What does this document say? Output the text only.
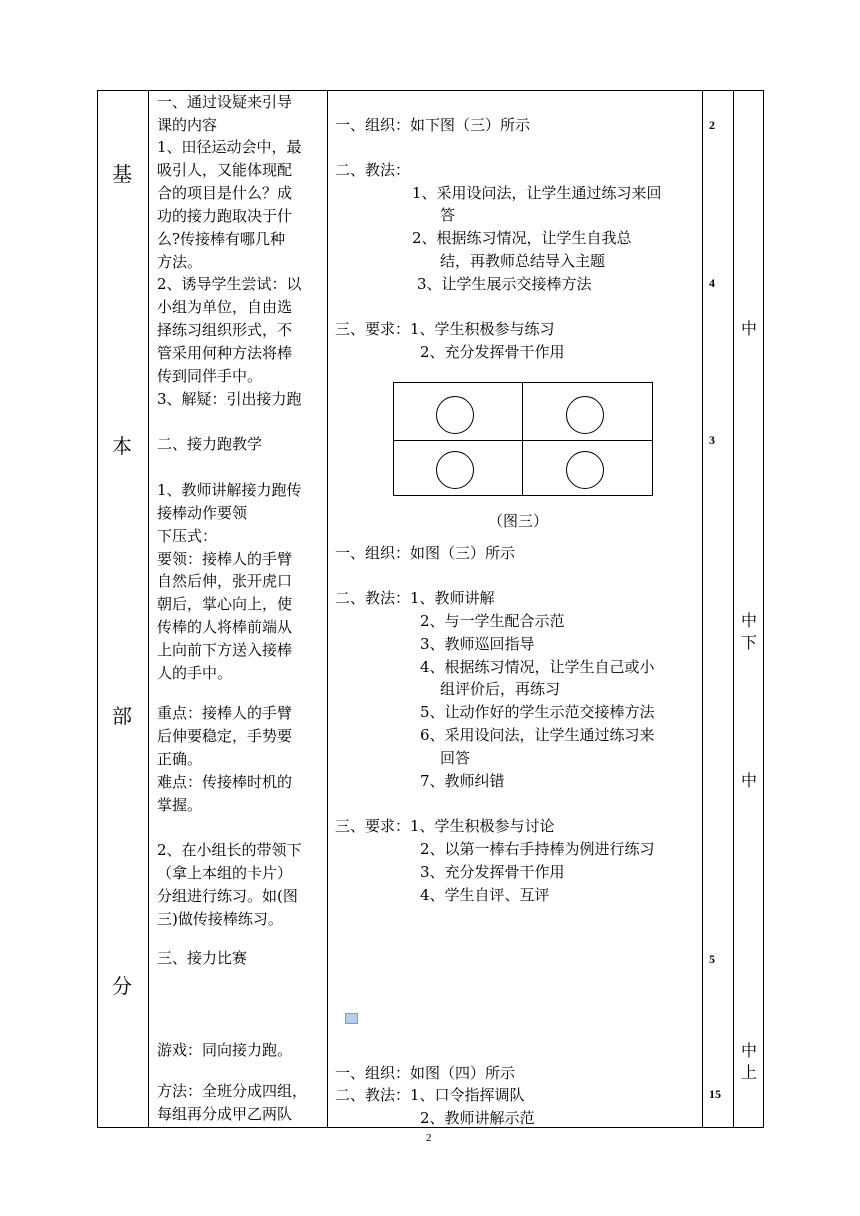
基
本
部
分
一、通过设疑来引导
课的内容
1、田径运动会中，最
吸引人，又能体现配
合的项目是什么？成
功的接力跑取决于什
么?传接棒有哪几种
方法。
2、诱导学生尝试：以
小组为单位，自由选
择练习组织形式，不
管采用何种方法将棒
传到同伴手中。
3、解疑：引出接力跑
二、接力跑教学
1、教师讲解接力跑传
接棒动作要领
下压式：
要领：接棒人的手臂
自然后伸，张开虎口
朝后，掌心向上，使
传棒的人将棒前端从
上向前下方送入接棒
人的手中。
重点：接棒人的手臂
后伸要稳定，手势要
正确。
难点：传接棒时机的
掌握。
2、在小组长的带领下
（拿上本组的卡片）
分组进行练习。如(图
三)做传接棒练习。
三、接力比赛
游戏：同向接力跑。
方法：全班分成四组，
每组再分成甲乙两队
一、组织：如下图（三）所示
二、教法：
1、采用设问法，让学生通过练习来回
答
2、根据练习情况，让学生自我总
结，再教师总结导入主题
3、让学生展示交接棒方法
三、要求：1、学生积极参与练习
2、充分发挥骨干作用
（图三）
一、组织：如图（三）所示
二、教法：1、教师讲解
2、与一学生配合示范
3、教师巡回指导
4、根据练习情况，让学生自己或小
组评价后，再练习
5、让动作好的学生示范交接棒方法
6、采用设问法，让学生通过练习来
回答
7、教师纠错
三、要求：1、学生积极参与讨论
2、以第一棒右手持棒为例进行练习
3、充分发挥骨干作用
4、学生自评、互评
一、组织：如图（四）所示
二、教法：1、口令指挥调队
2、教师讲解示范
2
4
3
5
15
中
中下
中
中上
2
